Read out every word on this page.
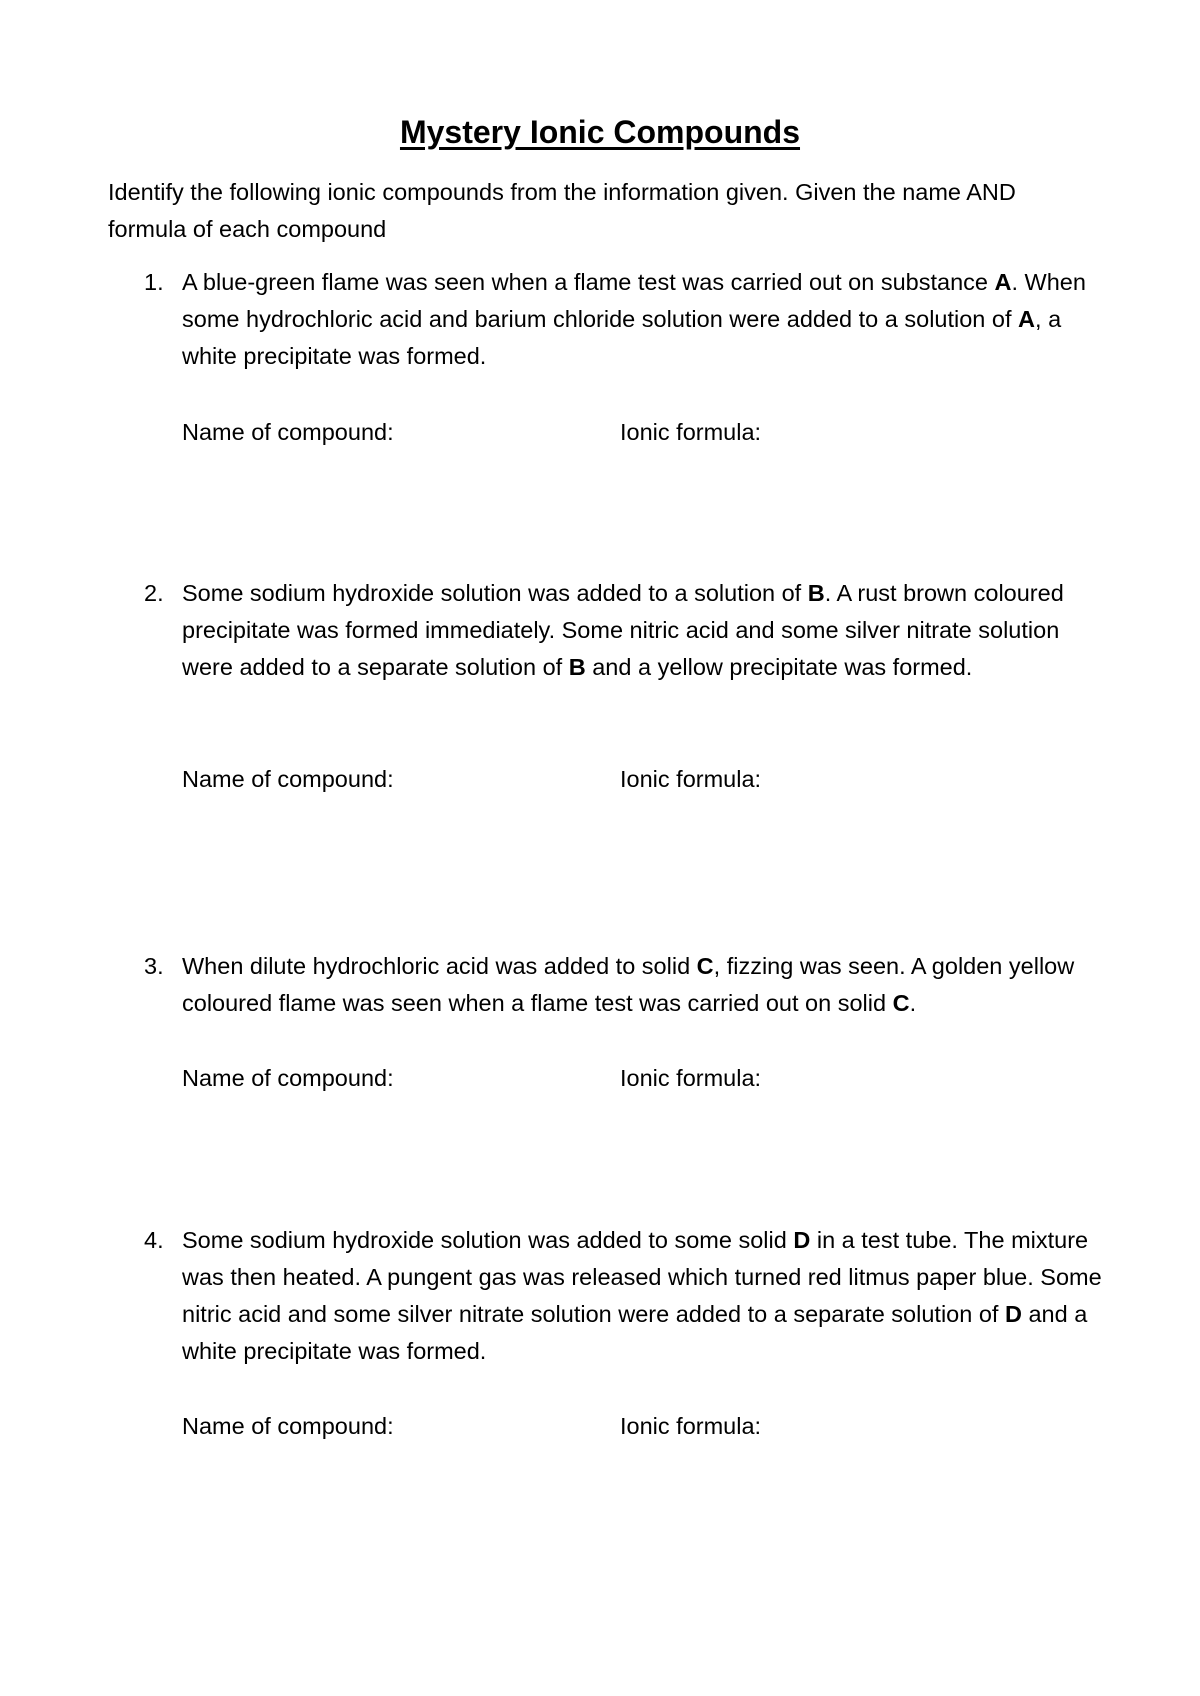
Mystery Ionic Compounds
Identify the following ionic compounds from the information given. Given the name AND formula of each compound
1. A blue-green flame was seen when a flame test was carried out on substance A. When some hydrochloric acid and barium chloride solution were added to a solution of A, a white precipitate was formed.
Name of compound:	Ionic formula:
2. Some sodium hydroxide solution was added to a solution of B. A rust brown coloured precipitate was formed immediately. Some nitric acid and some silver nitrate solution were added to a separate solution of B and a yellow precipitate was formed.
Name of compound:	Ionic formula:
3. When dilute hydrochloric acid was added to solid C, fizzing was seen. A golden yellow coloured flame was seen when a flame test was carried out on solid C.
Name of compound:	Ionic formula:
4. Some sodium hydroxide solution was added to some solid D in a test tube. The mixture was then heated. A pungent gas was released which turned red litmus paper blue. Some nitric acid and some silver nitrate solution were added to a separate solution of D and a white precipitate was formed.
Name of compound:	Ionic formula:
